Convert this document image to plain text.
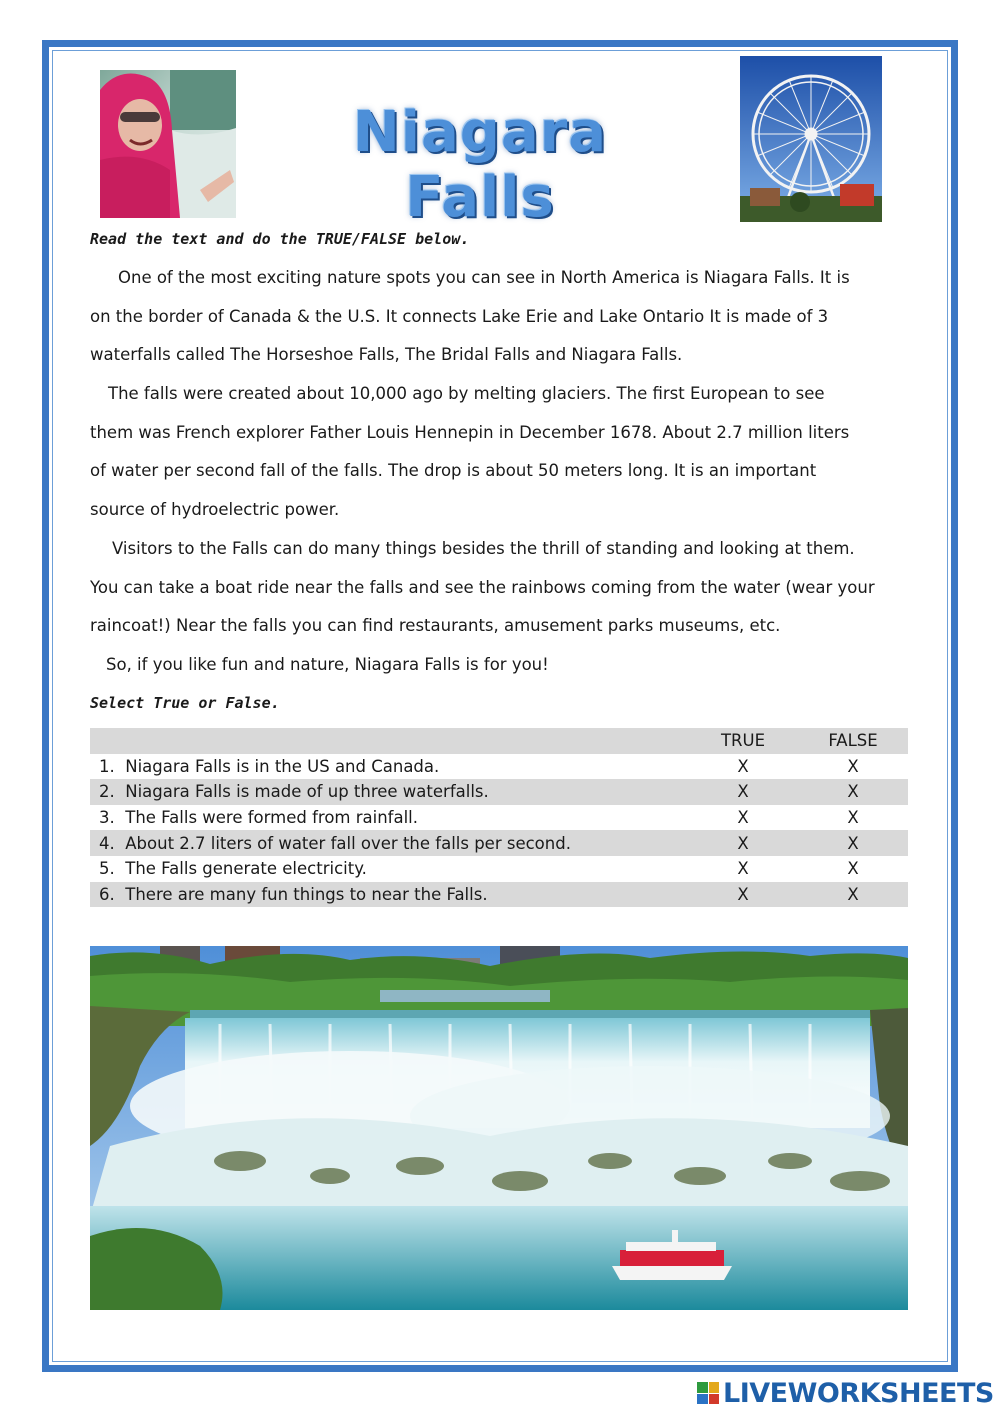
Niagara Falls
Read the text and do the TRUE/FALSE below.
One of the most exciting nature spots you can see in North America is Niagara Falls. It is
on the border of Canada & the U.S. It connects Lake Erie and Lake Ontario It is made of 3
waterfalls called The Horseshoe Falls, The Bridal Falls and Niagara Falls.
The falls were created about 10,000 ago by melting glaciers. The first European to see
them was French explorer Father Louis Hennepin in December 1678. About 2.7 million liters
of water per second fall of the falls. The drop is about 50 meters long. It is an important
source of hydroelectric power.
Visitors to the Falls can do many things besides the thrill of standing and looking at them.
You can take a boat ride near the falls and see the rainbows coming from the water (wear your
raincoat!) Near the falls you can find restaurants, amusement parks museums, etc.
So, if you like fun and nature, Niagara Falls is for you!
Select True or False.
	TRUE	FALSE
1. Niagara Falls is in the US and Canada.	X	X
2. Niagara Falls is made of up three waterfalls.	X	X
3. The Falls were formed from rainfall.	X	X
4. About 2.7 liters of water fall over the falls per second.	X	X
5. The Falls generate electricity.	X	X
6. There are many fun things to near the Falls.	X	X
LIVEWORKSHEETS
